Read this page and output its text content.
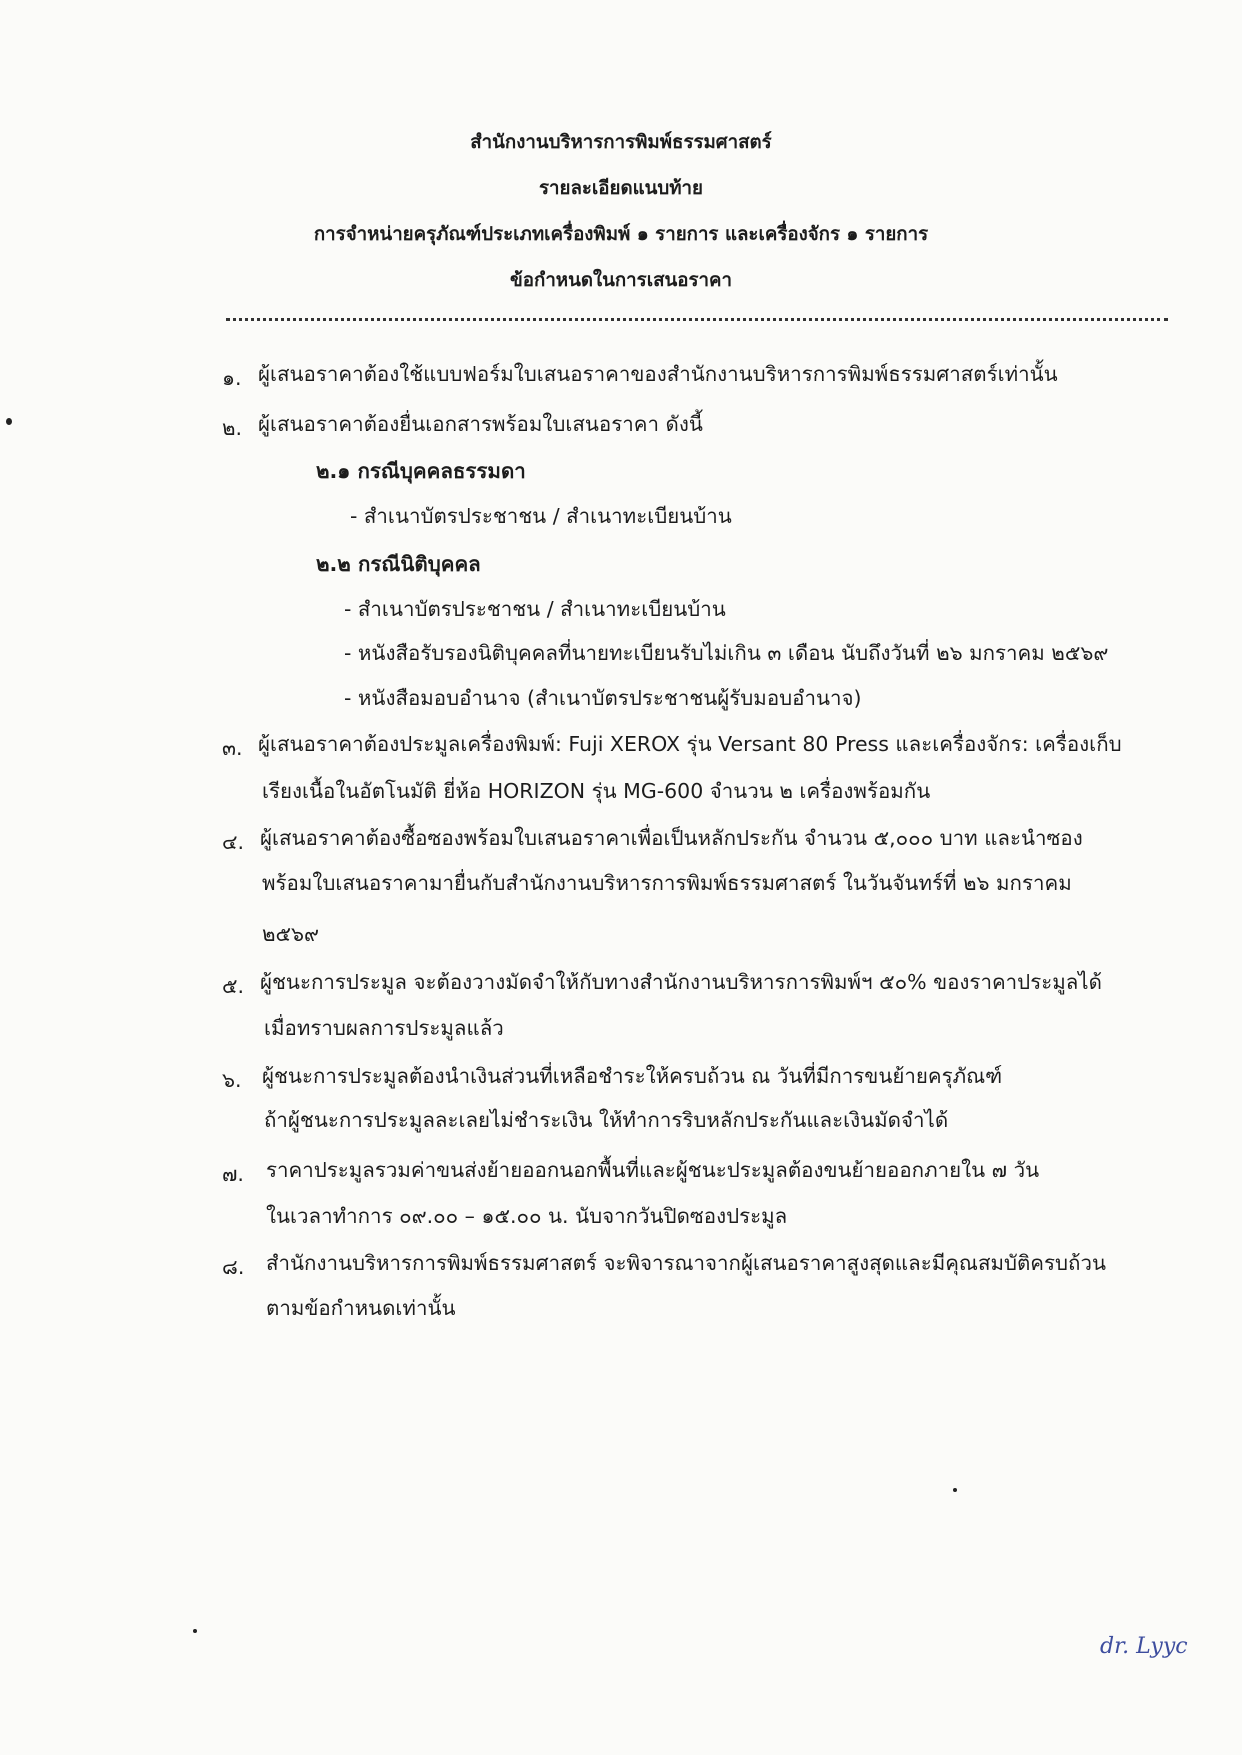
สำนักงานบริหารการพิมพ์ธรรมศาสตร์
รายละเอียดแนบท้าย
การจำหน่ายครุภัณฑ์ประเภทเครื่องพิมพ์ ๑ รายการ และเครื่องจักร ๑ รายการ
ข้อกำหนดในการเสนอราคา
๑. ผู้เสนอราคาต้องใช้แบบฟอร์มใบเสนอราคาของสำนักงานบริหารการพิมพ์ธรรมศาสตร์เท่านั้น
๒. ผู้เสนอราคาต้องยื่นเอกสารพร้อมใบเสนอราคา ดังนี้
๒.๑ กรณีบุคคลธรรมดา
- สำเนาบัตรประชาชน / สำเนาทะเบียนบ้าน
๒.๒ กรณีนิติบุคคล
- สำเนาบัตรประชาชน / สำเนาทะเบียนบ้าน
- หนังสือรับรองนิติบุคคลที่นายทะเบียนรับไม่เกิน ๓ เดือน นับถึงวันที่ ๒๖ มกราคม ๒๕๖๙
- หนังสือมอบอำนาจ (สำเนาบัตรประชาชนผู้รับมอบอำนาจ)
๓. ผู้เสนอราคาต้องประมูลเครื่องพิมพ์: Fuji XEROX รุ่น Versant 80 Press และเครื่องจักร: เครื่องเก็บ
เรียงเนื้อในอัตโนมัติ ยี่ห้อ HORIZON รุ่น MG-600 จำนวน ๒ เครื่องพร้อมกัน
๔. ผู้เสนอราคาต้องซื้อซองพร้อมใบเสนอราคาเพื่อเป็นหลักประกัน จำนวน ๕,๐๐๐ บาท และนำซอง
พร้อมใบเสนอราคามายื่นกับสำนักงานบริหารการพิมพ์ธรรมศาสตร์ ในวันจันทร์ที่ ๒๖ มกราคม
๒๕๖๙
๕. ผู้ชนะการประมูล จะต้องวางมัดจำให้กับทางสำนักงานบริหารการพิมพ์ฯ ๕๐% ของราคาประมูลได้
เมื่อทราบผลการประมูลแล้ว
๖. ผู้ชนะการประมูลต้องนำเงินส่วนที่เหลือชำระให้ครบถ้วน ณ วันที่มีการขนย้ายครุภัณฑ์
ถ้าผู้ชนะการประมูลละเลยไม่ชำระเงิน ให้ทำการริบหลักประกันและเงินมัดจำได้
๗. ราคาประมูลรวมค่าขนส่งย้ายออกนอกพื้นที่และผู้ชนะประมูลต้องขนย้ายออกภายใน ๗ วัน
ในเวลาทำการ ๐๙.๐๐ – ๑๕.๐๐ น. นับจากวันปิดซองประมูล
๘. สำนักงานบริหารการพิมพ์ธรรมศาสตร์ จะพิจารณาจากผู้เสนอราคาสูงสุดและมีคุณสมบัติครบถ้วน
ตามข้อกำหนดเท่านั้น
dr. Lyyc
